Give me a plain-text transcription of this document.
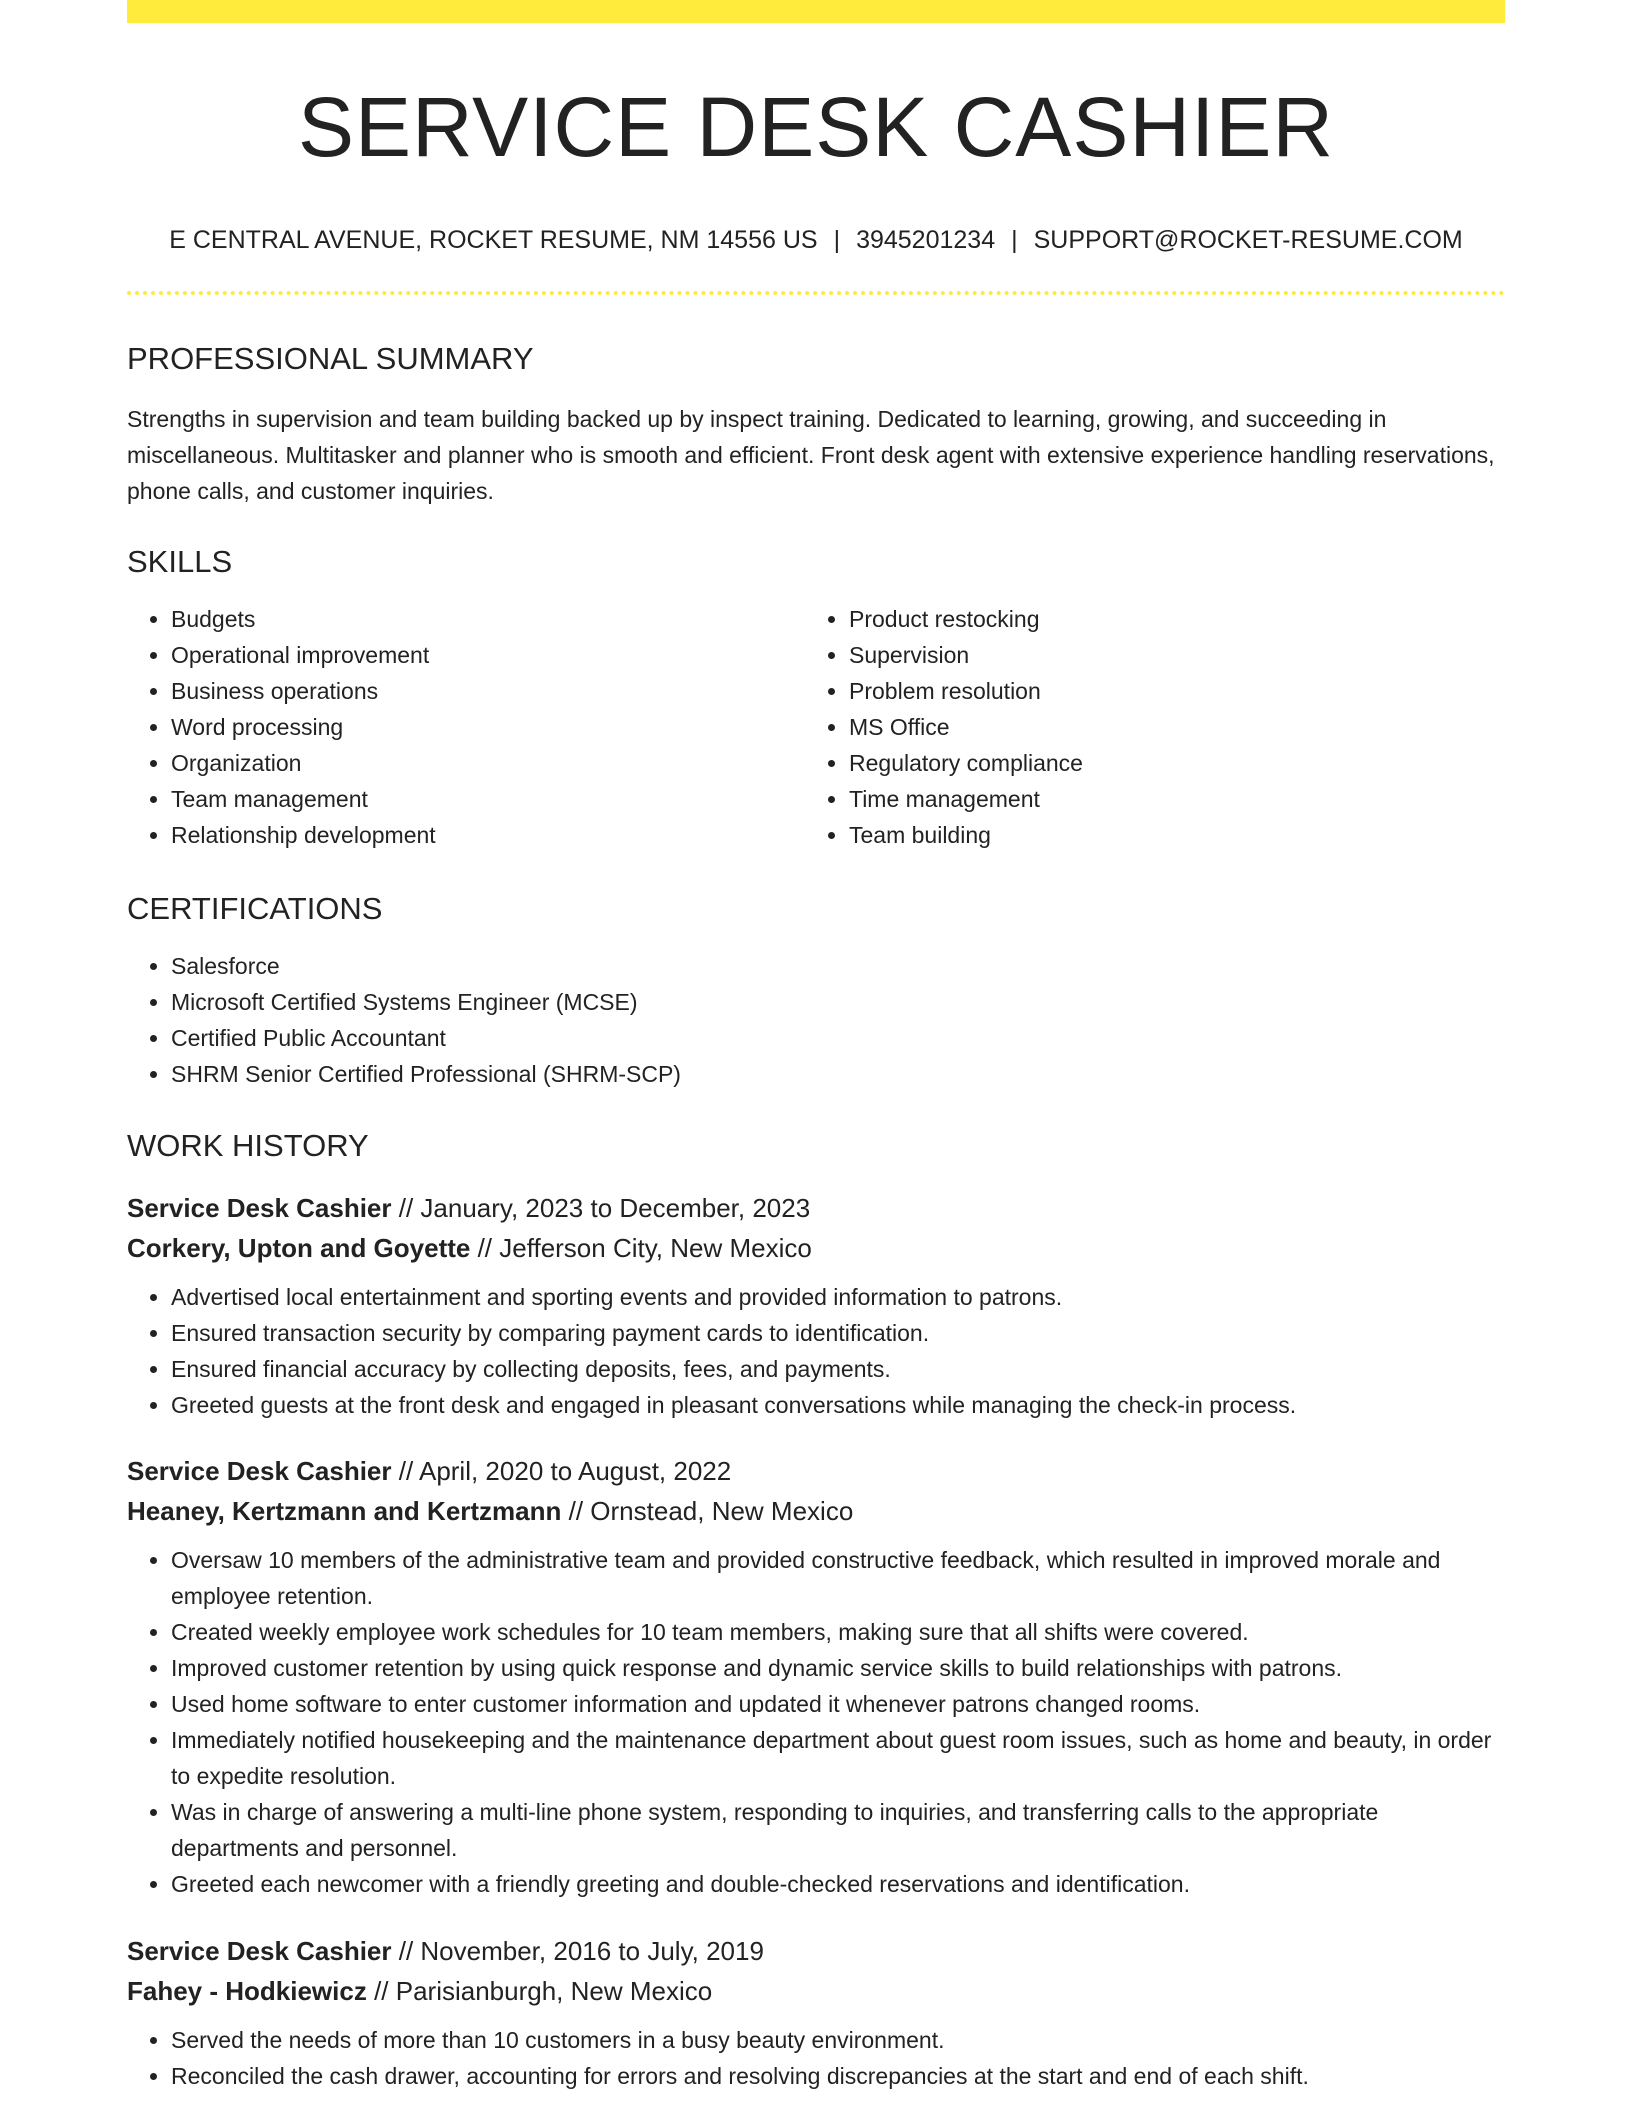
SERVICE DESK CASHIER
E CENTRAL AVENUE, ROCKET RESUME, NM 14556 US | 3945201234 | SUPPORT@ROCKET-RESUME.COM
PROFESSIONAL SUMMARY

Strengths in supervision and team building backed up by inspect training. Dedicated to learning, growing, and succeeding in miscellaneous. Multitasker and planner who is smooth and efficient. Front desk agent with extensive experience handling reservations, phone calls, and customer inquiries.

SKILLS
• Budgets
• Operational improvement
• Business operations
• Word processing
• Organization
• Team management
• Relationship development
• Product restocking
• Supervision
• Problem resolution
• MS Office
• Regulatory compliance
• Time management
• Team building
CERTIFICATIONS
• Salesforce
• Microsoft Certified Systems Engineer (MCSE)
• Certified Public Accountant
• SHRM Senior Certified Professional (SHRM-SCP)
WORK HISTORY
Service Desk Cashier // January, 2023 to December, 2023
Corkery, Upton and Goyette // Jefferson City, New Mexico
• Advertised local entertainment and sporting events and provided information to patrons.
• Ensured transaction security by comparing payment cards to identification.
• Ensured financial accuracy by collecting deposits, fees, and payments.
• Greeted guests at the front desk and engaged in pleasant conversations while managing the check-in process.
Service Desk Cashier // April, 2020 to August, 2022
Heaney, Kertzmann and Kertzmann // Ornstead, New Mexico
• Oversaw 10 members of the administrative team and provided constructive feedback, which resulted in improved morale and employee retention.
• Created weekly employee work schedules for 10 team members, making sure that all shifts were covered.
• Improved customer retention by using quick response and dynamic service skills to build relationships with patrons.
• Used home software to enter customer information and updated it whenever patrons changed rooms.
• Immediately notified housekeeping and the maintenance department about guest room issues, such as home and beauty, in order to expedite resolution.
• Was in charge of answering a multi-line phone system, responding to inquiries, and transferring calls to the appropriate departments and personnel.
• Greeted each newcomer with a friendly greeting and double-checked reservations and identification.
Service Desk Cashier // November, 2016 to July, 2019
Fahey - Hodkiewicz // Parisianburgh, New Mexico
• Served the needs of more than 10 customers in a busy beauty environment.
• Reconciled the cash drawer, accounting for errors and resolving discrepancies at the start and end of each shift.
